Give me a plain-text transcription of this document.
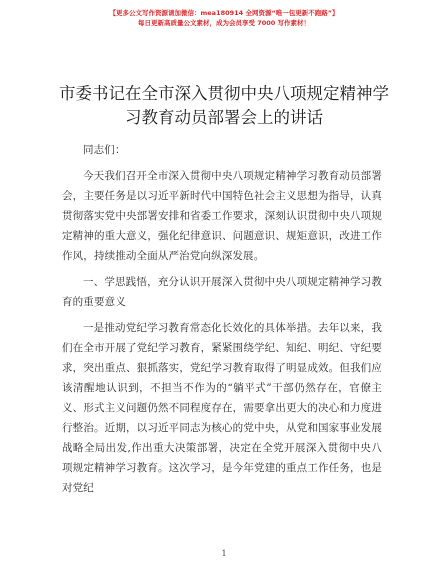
【更多公文写作资源请加微信：mea180914 全网资源“唯一包更新不跑路”】
每日更新高质量公文素材，成为会员享受 7000 写作素材！
市委书记在全市深入贯彻中央八项规定精神学习教育动员部署会上的讲话

同志们：

今天我们召开全市深入贯彻中央八项规定精神学习教育动员部署会，主要任务是以习近平新时代中国特色社会主义思想为指导，认真贯彻落实党中央部署安排和省委工作要求，深刻认识贯彻中央八项规定精神的重大意义，强化纪律意识、问题意识、规矩意识，改进工作作风，持续推动全面从严治党向纵深发展。

一、学思践悟，充分认识开展深入贯彻中央八项规定精神学习教育的重要意义

一是推动党纪学习教育常态化长效化的具体举措。去年以来，我们在全市开展了党纪学习教育，紧紧围绕学纪、知纪、明纪、守纪要求，突出重点、狠抓落实，党纪学习教育取得了明显成效。但我们应该清醒地认识到，不担当不作为的“躺平式”干部仍然存在，官僚主义、形式主义问题仍然不同程度存在，需要拿出更大的决心和力度进行整治。近期，以习近平同志为核心的党中央，从党和国家事业发展战略全局出发,作出重大决策部署，决定在全党开展深入贯彻中央八项规定精神学习教育。这次学习，是今年党建的重点工作任务，也是对党纪

1
